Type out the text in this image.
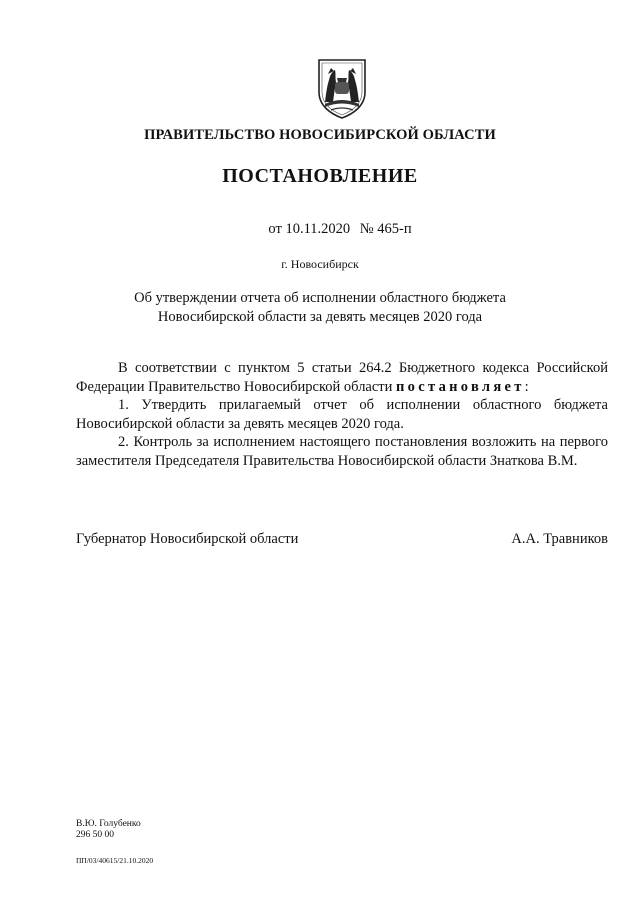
ПРАВИТЕЛЬСТВО НОВОСИБИРСКОЙ ОБЛАСТИ
ПОСТАНОВЛЕНИЕ
от 10.11.2020 № 465-п
г. Новосибирск
Об утверждении отчета об исполнении областного бюджета
Новосибирской области за девять месяцев 2020 года

В соответствии с пунктом 5 статьи 264.2 Бюджетного кодекса Российской Федерации Правительство Новосибирской области постановляет:

1. Утвердить прилагаемый отчет об исполнении областного бюджета Новосибирской области за девять месяцев 2020 года.

2. Контроль за исполнением настоящего постановления возложить на первого заместителя Председателя Правительства Новосибирской области Знаткова В.М.

Губернатор Новосибирской области	А.А. Травников
В.Ю. Голубенко
296 50 00
ПП/03/40615/21.10.2020
